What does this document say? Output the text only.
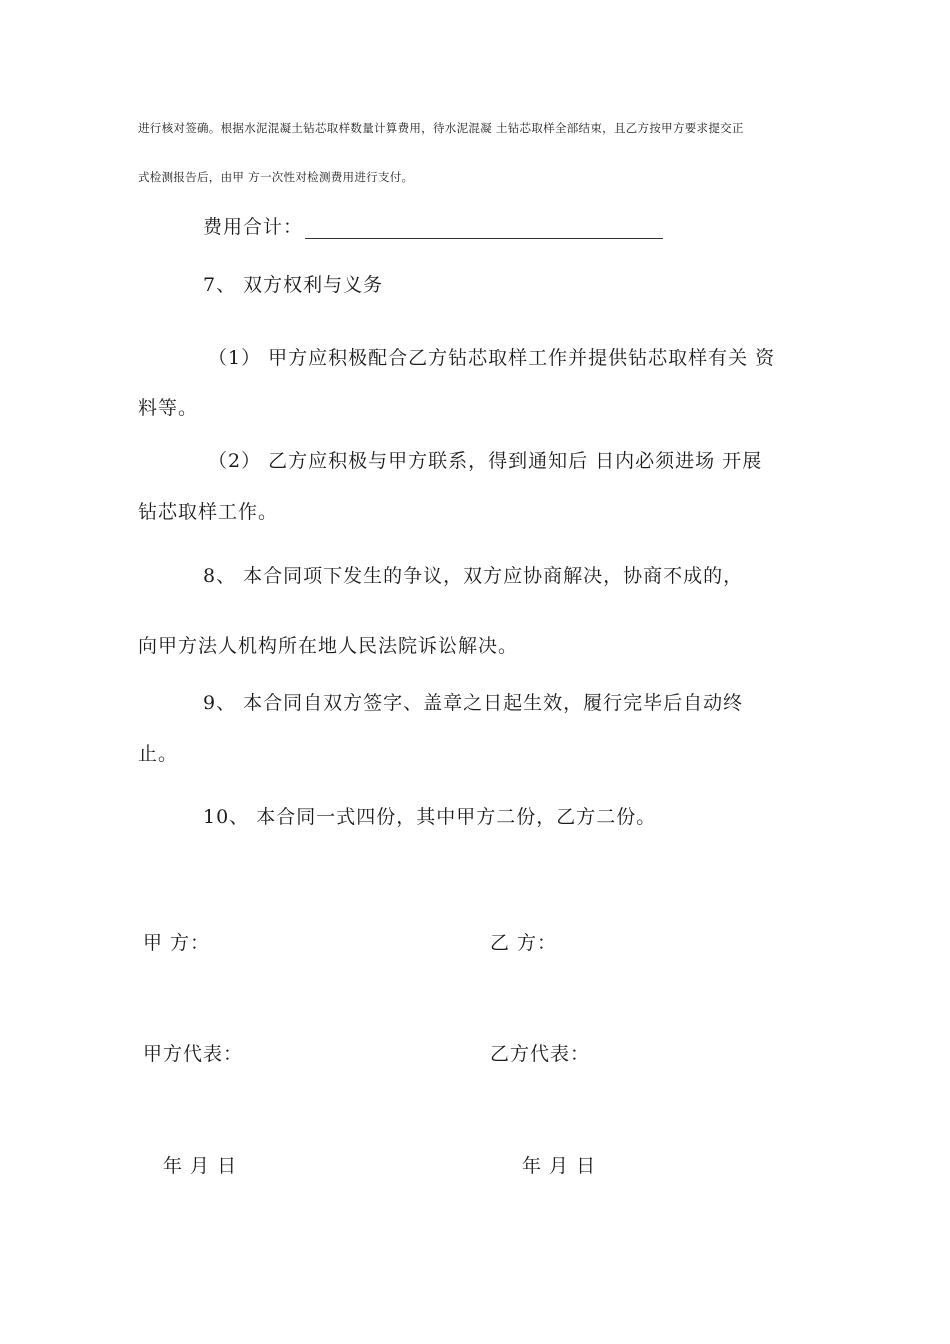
进行核对签确。根据水泥混凝土钻芯取样数量计算费用，待水泥混凝 土钻芯取样全部结束，且乙方按甲方要求提交正
式检测报告后，由甲 方一次性对检测费用进行支付。
费用合计：
7、 双方权利与义务
（1） 甲方应积极配合乙方钻芯取样工作并提供钻芯取样有关 资
料等。
（2） 乙方应积极与甲方联系，得到通知后 日内必须进场 开展
钻芯取样工作。
8、 本合同项下发生的争议，双方应协商解决，协商不成的，
向甲方法人机构所在地人民法院诉讼解决。
9、 本合同自双方签字、盖章之日起生效，履行完毕后自动终
止。
10、 本合同一式四份，其中甲方二份，乙方二份。
甲 方：	乙 方：
甲方代表：	乙方代表：
年 月 日	年 月 日
